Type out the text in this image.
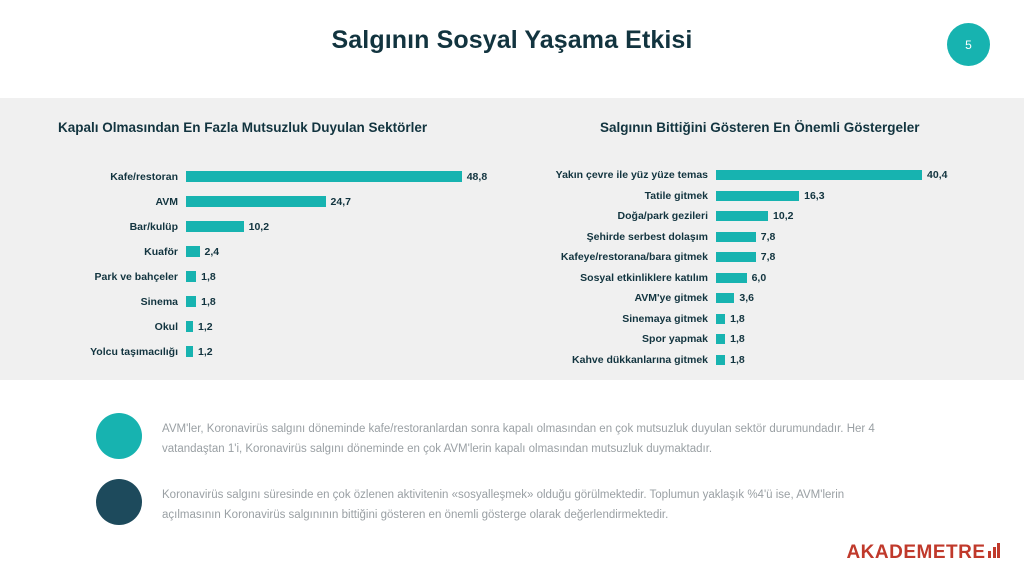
Salgının Sosyal Yaşama Etkisi	5
Kapalı Olmasından En Fazla Mutsuzluk Duyulan Sektörler	Salgının Bittiğini Gösteren En Önemli Göstergeler
Kafe/restoran	48,8
AVM	24,7
Bar/kulüp	10,2
Kuaför	2,4
Park ve bahçeler	1,8
Sinema	1,8
Okul	1,2
Yolcu taşımacılığı	1,2
Yakın çevre ile yüz yüze temas	40,4
Tatile gitmek	16,3
Doğa/park gezileri	10,2
Şehirde serbest dolaşım	7,8
Kafeye/restorana/bara gitmek	7,8
Sosyal etkinliklere katılım	6,0
AVM'ye gitmek	3,6
Sinemaya gitmek	1,8
Spor yapmak	1,8
Kahve dükkanlarına gitmek	1,8
AVM'ler, Koronavirüs salgını döneminde kafe/restoranlardan sonra kapalı olmasından en çok mutsuzluk duyulan sektör durumundadır. Her 4 vatandaştan 1'i, Koronavirüs salgını döneminde en çok AVM'lerin kapalı olmasından mutsuzluk duymaktadır.
Koronavirüs salgını süresinde en çok özlenen aktivitenin «sosyalleşmek» olduğu görülmektedir. Toplumun yaklaşık %4'ü ise, AVM'lerin açılmasının Koronavirüs salgınının bittiğini gösteren en önemli gösterge olarak değerlendirmektedir.
AKADEMETRE
